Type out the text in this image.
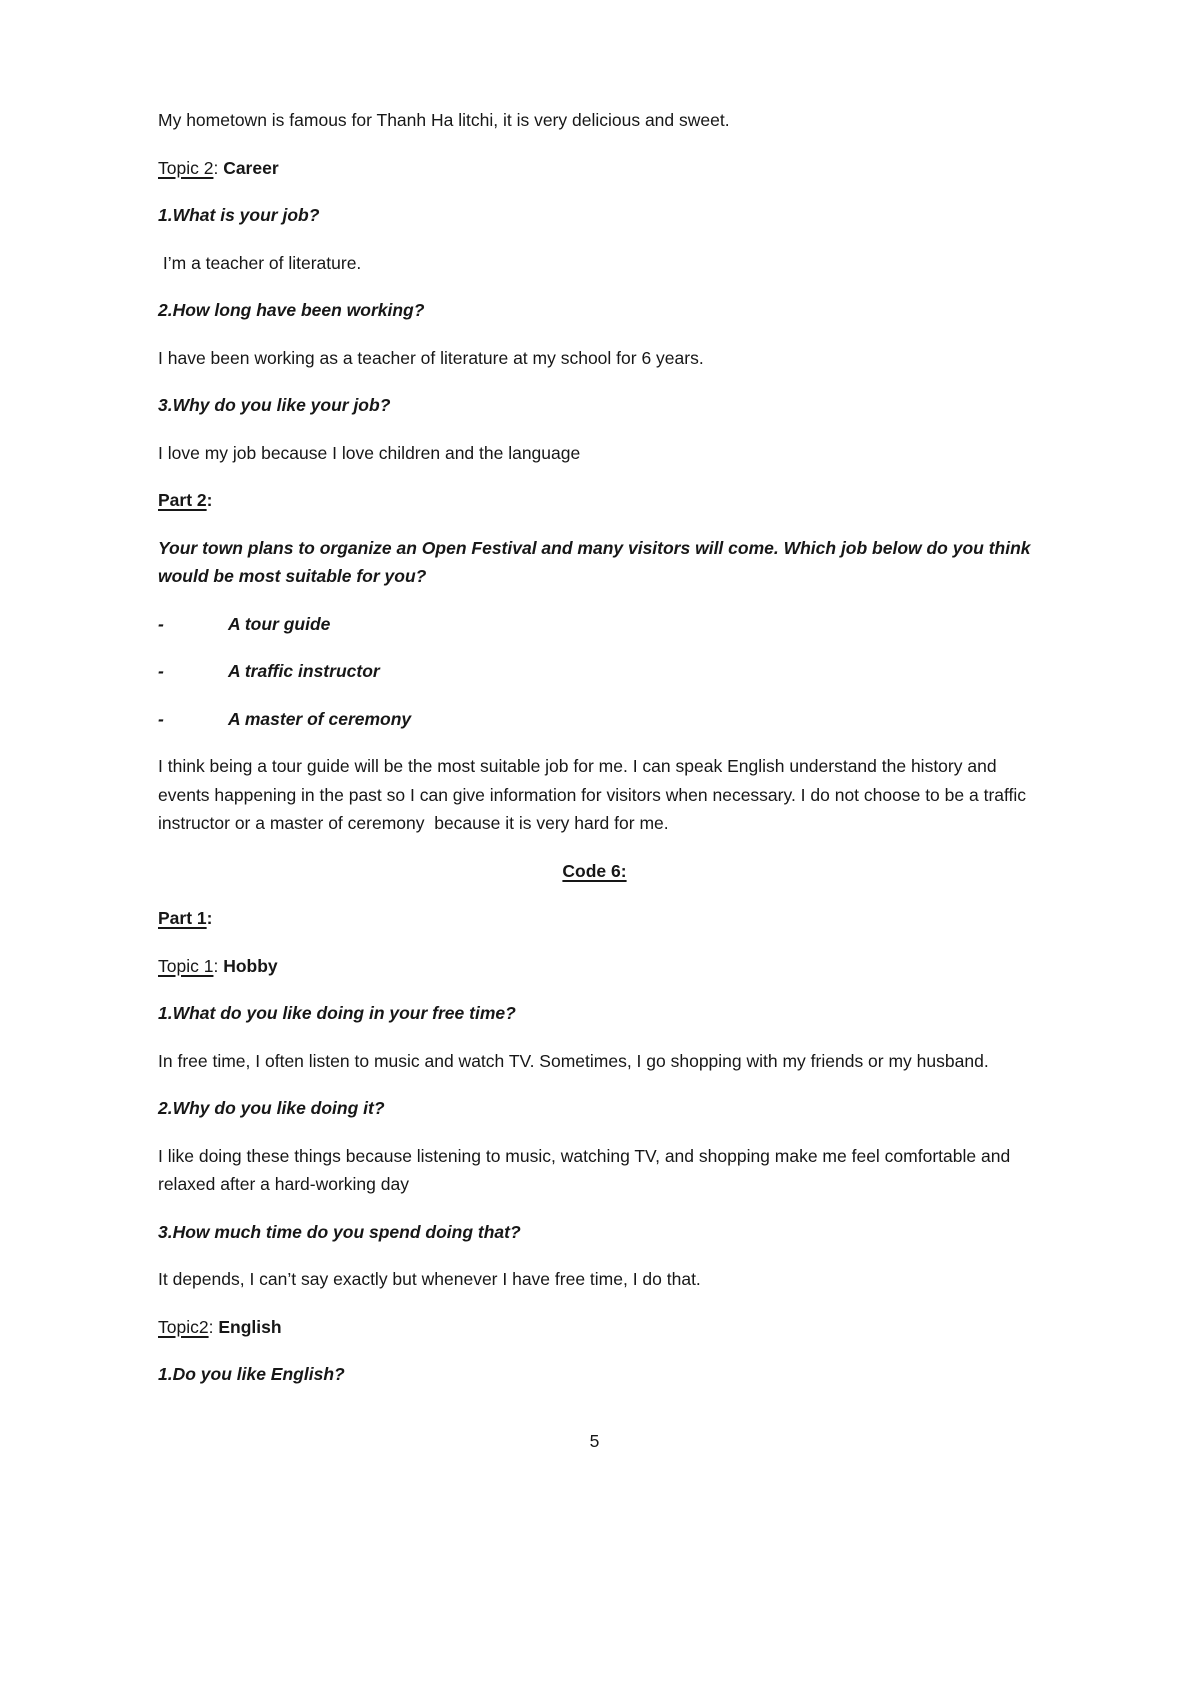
My hometown is famous for Thanh Ha litchi, it is very delicious and sweet.

Topic 2: Career

1.What is your job?

I’m a teacher of literature.

2.How long have been working?

I have been working as a teacher of literature at my school for 6 years.

3.Why do you like your job?

I love my job because I love children and the language

Part 2:

Your town plans to organize an Open Festival and many visitors will come. Which job below do you think would be most suitable for you?

-	A tour guide
-	A traffic instructor
-	A master of ceremony

I think being a tour guide will be the most suitable job for me. I can speak English understand the history and events happening in the past so I can give information for visitors when necessary. I do not choose to be a traffic instructor or a master of ceremony  because it is very hard for me.

Code 6:

Part 1:

Topic 1: Hobby

1.What do you like doing in your free time?

In free time, I often listen to music and watch TV. Sometimes, I go shopping with my friends or my husband.

2.Why do you like doing it?

I like doing these things because listening to music, watching TV, and shopping make me feel comfortable and relaxed after a hard-working day

3.How much time do you spend doing that?

It depends, I can’t say exactly but whenever I have free time, I do that.

Topic2: English

1.Do you like English?

5
